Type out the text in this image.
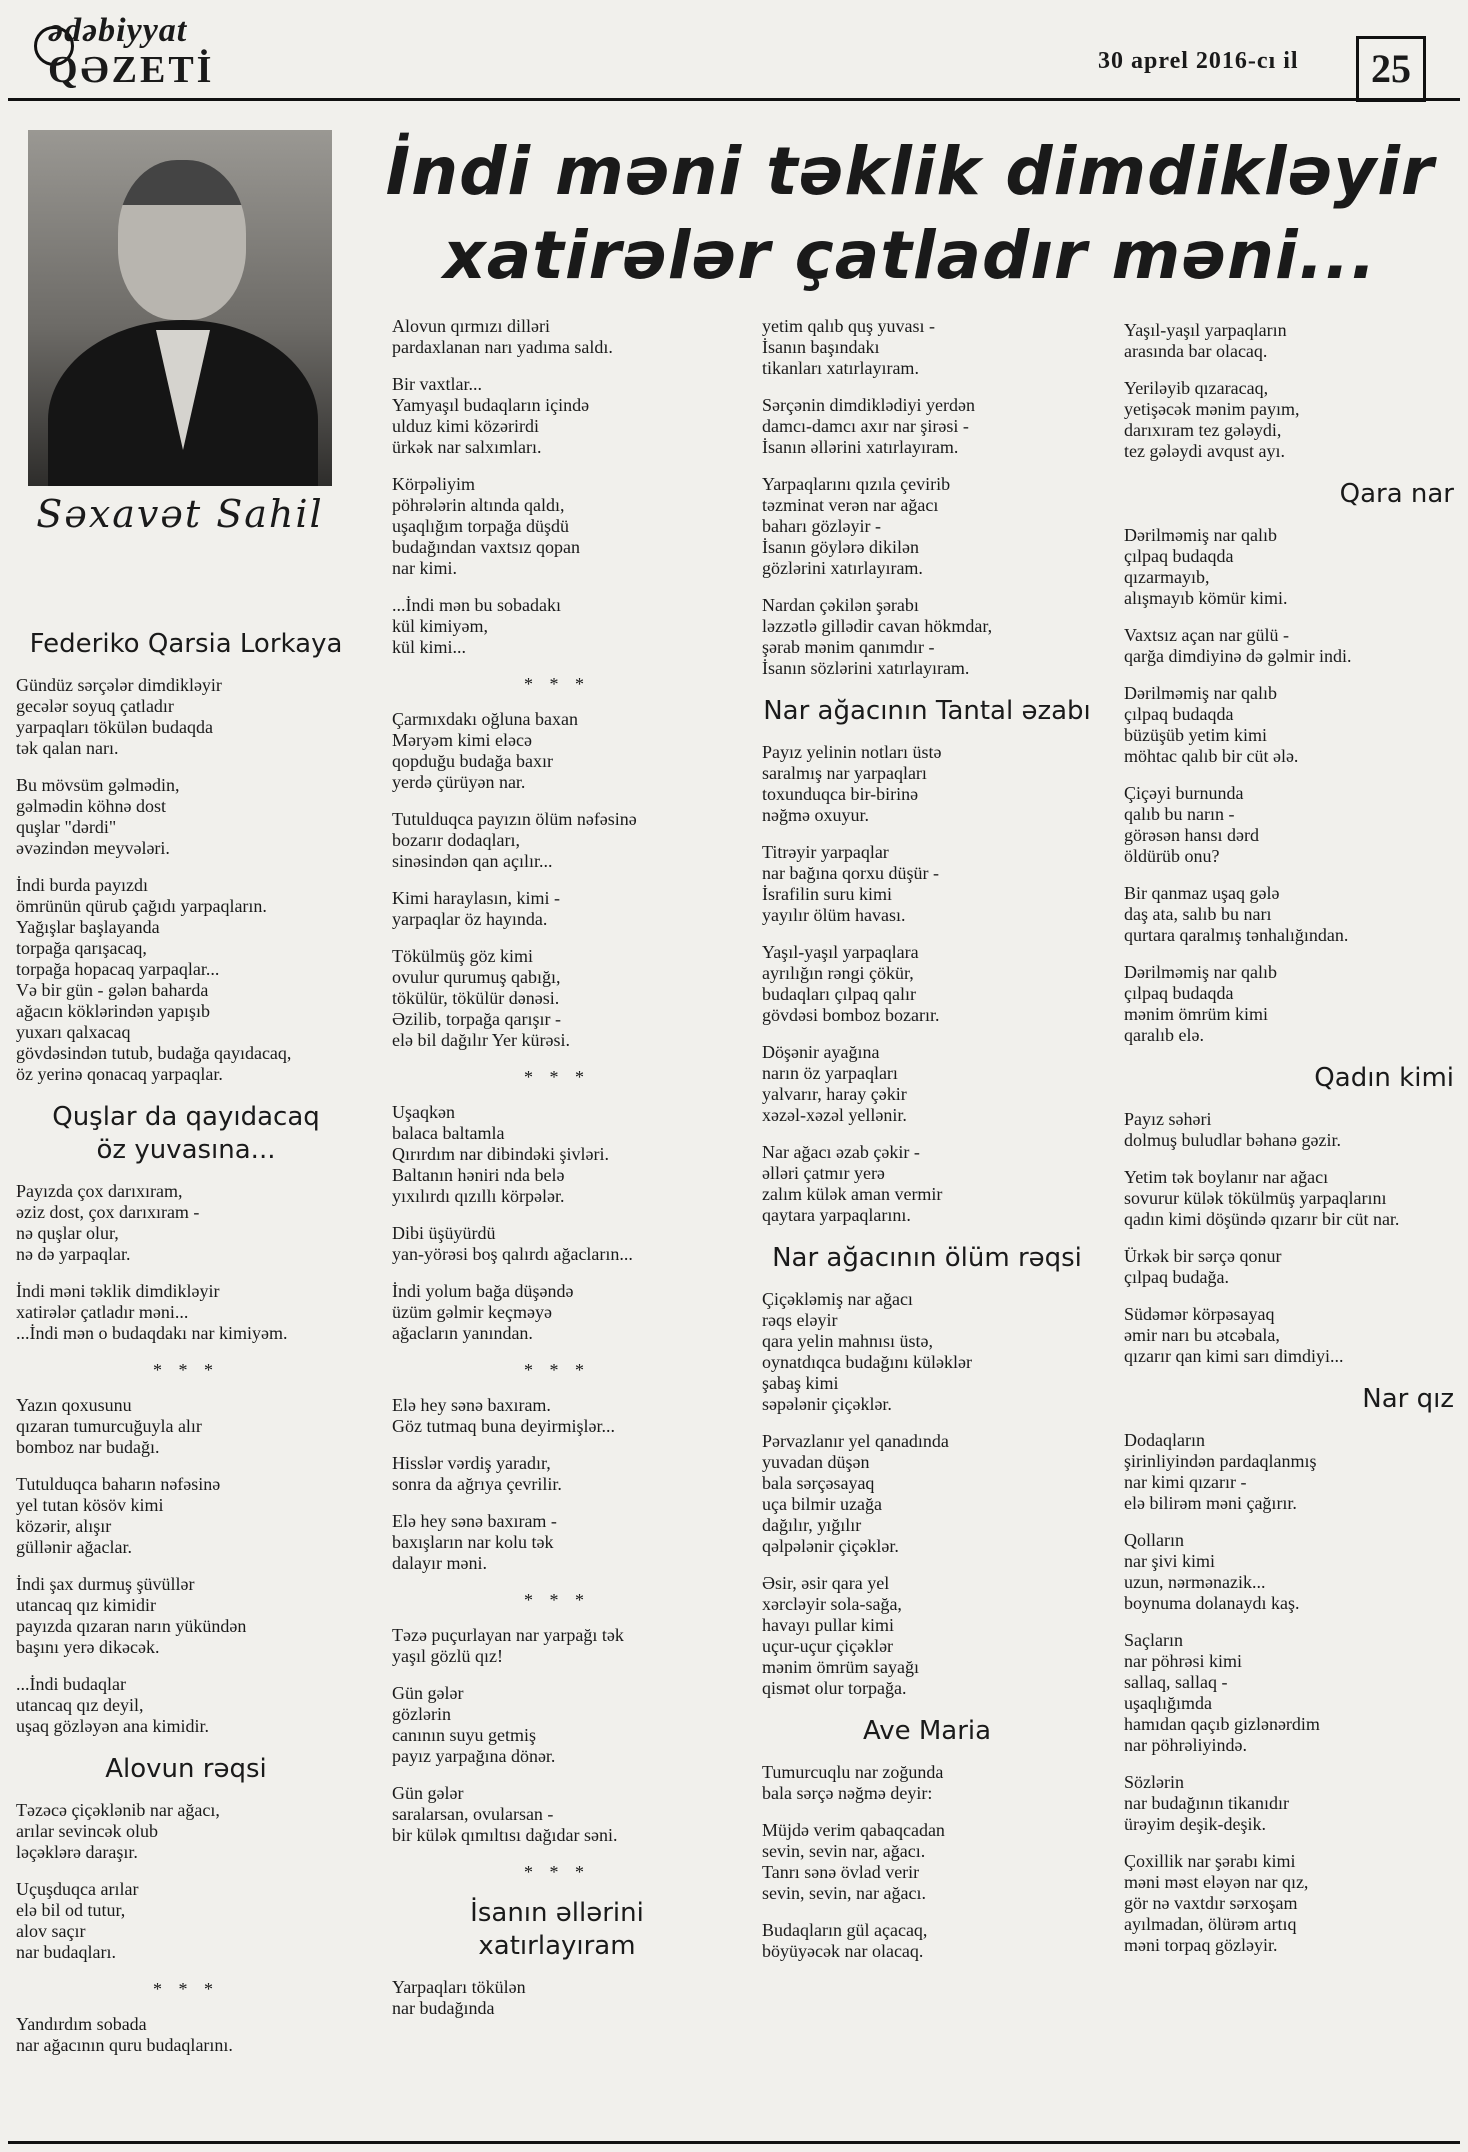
ədəbiyyat
QƏZETİ	30 aprel 2016-cı il	25
Səxavət Sahil
İndi məni təklik dimdikləyir
xatirələr çatladır məni...
Federiko Qarsia Lorkaya

Gündüz sərçələr dimdikləyir
gecələr soyuq çatladır
yarpaqları tökülən budaqda
tək qalan narı.

Bu mövsüm gəlmədin,
gəlmədin köhnə dost
quşlar "dərdi"
əvəzindən meyvələri.

İndi burda payızdı
ömrünün qürub çağıdı yarpaqların.
Yağışlar başlayanda
torpağa qarışacaq,
torpağa hopacaq yarpaqlar...
Və bir gün - gələn baharda
ağacın köklərindən yapışıb
yuxarı qalxacaq
gövdəsindən tutub, budağa qayıdacaq,
öz yerinə qonacaq yarpaqlar.

Quşlar da qayıdacaq
öz yuvasına...

Payızda çox darıxıram,
əziz dost, çox darıxıram -
nə quşlar olur,
nə də yarpaqlar.

İndi məni təklik dimdikləyir
xatirələr çatladır məni...
...İndi mən o budaqdakı nar kimiyəm.

* * *

Yazın qoxusunu
qızaran tumurcuğuyla alır
bomboz nar budağı.

Tutulduqca baharın nəfəsinə
yel tutan kösöv kimi
közərir, alışır
güllənir ağaclar.

İndi şax durmuş şüvüllər
utancaq qız kimidir
payızda qızaran narın yükündən
başını yerə dikəcək.

...İndi budaqlar
utancaq qız deyil,
uşaq gözləyən ana kimidir.

Alovun rəqsi

Təzəcə çiçəklənib nar ağacı,
arılar sevincək olub
ləçəklərə daraşır.

Uçuşduqca arılar
elə bil od tutur,
alov saçır
nar budaqları.

* * *

Yandırdım sobada
nar ağacının quru budaqlarını.

Alovun qırmızı dilləri
pardaxlanan narı yadıma saldı.

Bir vaxtlar...
Yamyaşıl budaqların içində
ulduz kimi közərirdi
ürkək nar salxımları.

Körpəliyim
pöhrələrin altında qaldı,
uşaqlığım torpağa düşdü
budağından vaxtsız qopan
nar kimi.

...İndi mən bu sobadakı
kül kimiyəm,
kül kimi...

* * *

Çarmıxdakı oğluna baxan
Məryəm kimi eləcə
qopduğu budağa baxır
yerdə çürüyən nar.

Tutulduqca payızın ölüm nəfəsinə
bozarır dodaqları,
sinəsindən qan açılır...

Kimi haraylasın, kimi -
yarpaqlar öz hayında.

Tökülmüş göz kimi
ovulur qurumuş qabığı,
tökülür, tökülür dənəsi.
Əzilib, torpağa qarışır -
elə bil dağılır Yer kürəsi.

* * *

Uşaqkən
balaca baltamla
Qırırdım nar dibindəki şivləri.
Baltanın həniri nda belə
yıxılırdı qızıllı körpələr.

Dibi üşüyürdü
yan-yörəsi boş qalırdı ağacların...

İndi yolum bağa düşəndə
üzüm gəlmir keçməyə
ağacların yanından.

* * *

Elə hey sənə baxıram.
Göz tutmaq buna deyirmişlər...

Hisslər vərdiş yaradır,
sonra da ağrıya çevrilir.

Elə hey sənə baxıram -
baxışların nar kolu tək
dalayır məni.

* * *

Təzə puçurlayan nar yarpağı tək
yaşıl gözlü qız!

Gün gələr
gözlərin
canının suyu getmiş
payız yarpağına dönər.

Gün gələr
saralarsan, ovularsan -
bir külək qımıltısı dağıdar səni.

* * *
İsanın əllərini xatırlayıram

Yarpaqları tökülən
nar budağında

yetim qalıb quş yuvası -
İsanın başındakı
tikanları xatırlayıram.

Sərçənin dimdiklədiyi yerdən
damcı-damcı axır nar şirəsi -
İsanın əllərini xatırlayıram.

Yarpaqlarını qızıla çevirib
təzminat verən nar ağacı
baharı gözləyir -
İsanın göylərə dikilən
gözlərini xatırlayıram.

Nardan çəkilən şərabı
ləzzətlə gillədir cavan hökmdar,
şərab mənim qanımdır -
İsanın sözlərini xatırlayıram.

Nar ağacının Tantal əzabı

Payız yelinin notları üstə
saralmış nar yarpaqları
toxunduqca bir-birinə
nəğmə oxuyur.

Titrəyir yarpaqlar
nar bağına qorxu düşür -
İsrafilin suru kimi
yayılır ölüm havası.

Yaşıl-yaşıl yarpaqlara
ayrılığın rəngi çökür,
budaqları çılpaq qalır
gövdəsi bomboz bozarır.

Döşənir ayağına
narın öz yarpaqları
yalvarır, haray çəkir
xəzəl-xəzəl yellənir.

Nar ağacı əzab çəkir -
əlləri çatmır yerə
zalım külək aman vermir
qaytara yarpaqlarını.

Nar ağacının ölüm rəqsi

Çiçəkləmiş nar ağacı
rəqs eləyir
qara yelin mahnısı üstə,
oynatdıqca budağını küləklər
şabaş kimi
səpələnir çiçəklər.

Pərvazlanır yel qanadında
yuvadan düşən
bala sərçəsayaq
uça bilmir uzağa
dağılır, yığılır
qəlpələnir çiçəklər.

Əsir, əsir qara yel
xərcləyir sola-sağa,
havayı pullar kimi
uçur-uçur çiçəklər
mənim ömrüm sayağı
qismət olur torpağa.

Ave Maria

Tumurcuqlu nar zoğunda
bala sərçə nəğmə deyir:

Müjdə verim qabaqcadan
sevin, sevin nar, ağacı.
Tanrı sənə övlad verir
sevin, sevin, nar ağacı.

Budaqların gül açacaq,
böyüyəcək nar olacaq.

Yaşıl-yaşıl yarpaqların
arasında bar olacaq.

Yeriləyib qızaracaq,
yetişəcək mənim payım,
darıxıram tez gələydi,
tez gələydi avqust ayı.

Qara nar

Dərilməmiş nar qalıb
çılpaq budaqda
qızarmayıb,
alışmayıb kömür kimi.

Vaxtsız açan nar gülü -
qarğa dimdiyinə də gəlmir indi.

Dərilməmiş nar qalıb
çılpaq budaqda
büzüşüb yetim kimi
möhtac qalıb bir cüt ələ.

Çiçəyi burnunda
qalıb bu narın -
görəsən hansı dərd
öldürüb onu?

Bir qanmaz uşaq gələ
daş ata, salıb bu narı
qurtara qaralmış tənhalığından.

Dərilməmiş nar qalıb
çılpaq budaqda
mənim ömrüm kimi
qaralıb elə.

Qadın kimi

Payız səhəri
dolmuş buludlar bəhanə gəzir.

Yetim tək boylanır nar ağacı
sovurur külək tökülmüş yarpaqlarını
qadın kimi döşündə qızarır bir cüt nar.

Ürkək bir sərçə qonur
çılpaq budağa.

Südəmər körpəsayaq
əmir narı bu ətcəbala,
qızarır qan kimi sarı dimdiyi...

Nar qız

Dodaqların
şirinliyindən pardaqlanmış
nar kimi qızarır -
elə bilirəm məni çağırır.

Qolların
nar şivi kimi
uzun, nərmənazik...
boynuma dolanaydı kaş.

Saçların
nar pöhrəsi kimi
sallaq, sallaq -
uşaqlığımda
hamıdan qaçıb gizlənərdim
nar pöhrəliyində.

Sözlərin
nar budağının tikanıdır
ürəyim deşik-deşik.

Çoxillik nar şərabı kimi
məni məst eləyən nar qız,
gör nə vaxtdır sərxoşam
ayılmadan, ölürəm artıq
məni torpaq gözləyir.
